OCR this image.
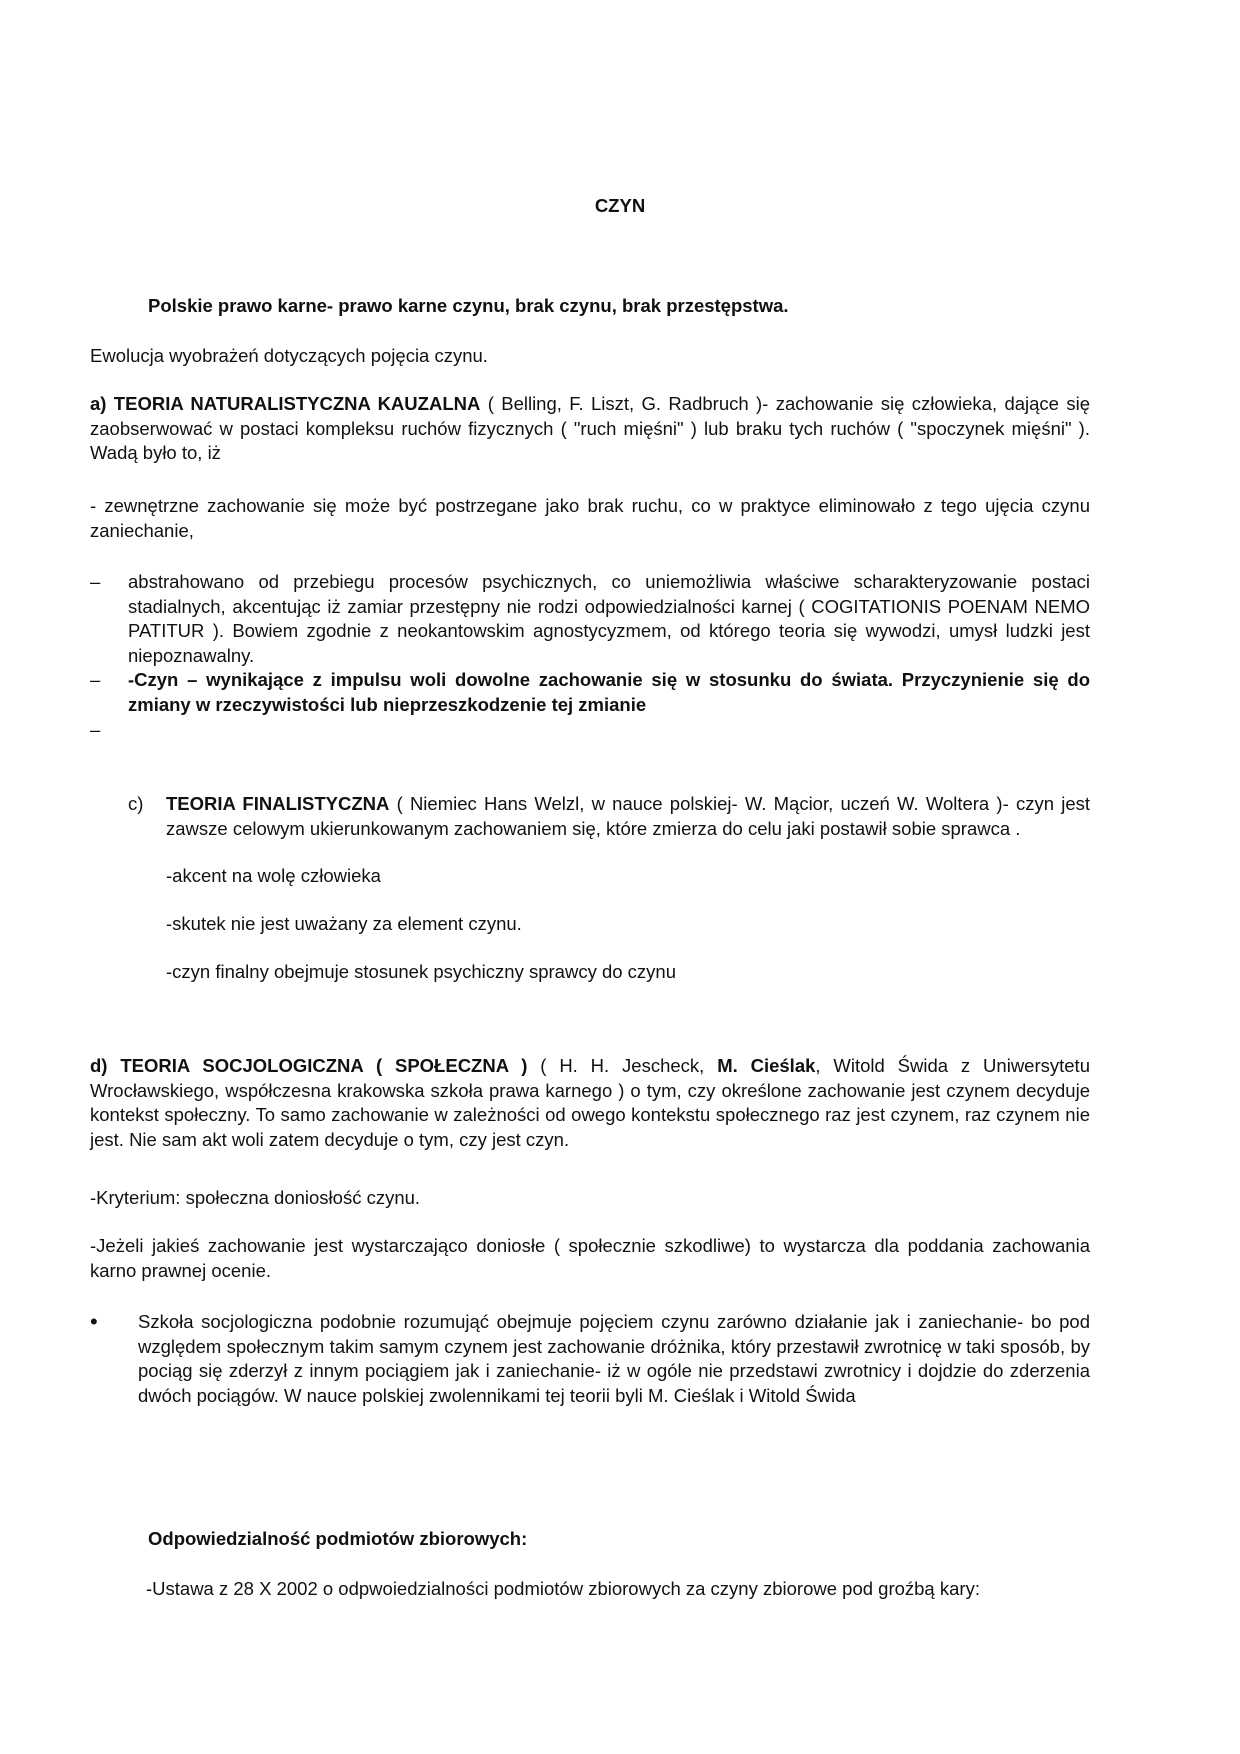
CZYN
Polskie prawo karne- prawo karne czynu, brak czynu, brak przestępstwa.
Ewolucja wyobrażeń dotyczących pojęcia czynu.
a) TEORIA NATURALISTYCZNA KAUZALNA ( Belling, F. Liszt, G. Radbruch )- zachowanie się człowieka, dające się zaobserwować w postaci kompleksu ruchów fizycznych ( "ruch mięśni" ) lub braku tych ruchów ( "spoczynek mięśni" ). Wadą było to, iż
- zewnętrzne zachowanie się może być postrzegane jako brak ruchu, co w praktyce eliminowało z tego ujęcia czynu zaniechanie,
– abstrahowano od przebiegu procesów psychicznych, co uniemożliwia właściwe scharakteryzowanie postaci stadialnych, akcentując iż zamiar przestępny nie rodzi odpowiedzialności karnej ( COGITATIONIS POENAM NEMO PATITUR ). Bowiem zgodnie z neokantowskim agnostycyzmem, od którego teoria się wywodzi, umysł ludzki jest niepoznawalny.
– -Czyn – wynikające z impulsu woli dowolne zachowanie się w stosunku do świata. Przyczynienie się do zmiany w rzeczywistości lub nieprzeszkodzenie tej zmianie
–
c) TEORIA FINALISTYCZNA ( Niemiec Hans Welzl, w nauce polskiej- W. Mącior, uczeń W. Woltera )- czyn jest zawsze celowym ukierunkowanym zachowaniem się, które zmierza do celu jaki postawił sobie sprawca .
-akcent na wolę człowieka
-skutek nie jest uważany za element czynu.
-czyn finalny obejmuje stosunek psychiczny sprawcy do czynu
d) TEORIA SOCJOLOGICZNA ( SPOŁECZNA ) ( H. H. Jescheck, M. Cieślak, Witold Świda z Uniwersytetu Wrocławskiego, współczesna krakowska szkoła prawa karnego ) o tym, czy określone zachowanie jest czynem decyduje kontekst społeczny. To samo zachowanie w zależności od owego kontekstu społecznego raz jest czynem, raz czynem nie jest. Nie sam akt woli zatem decyduje o tym, czy jest czyn.
-Kryterium: społeczna doniosłość czynu.
-Jeżeli jakieś zachowanie jest wystarczająco doniosłe ( społecznie szkodliwe) to wystarcza dla poddania zachowania karno prawnej ocenie.
• Szkoła socjologiczna podobnie rozumująć obejmuje pojęciem czynu zarówno działanie jak i zaniechanie- bo pod względem społecznym takim samym czynem jest zachowanie dróżnika, który przestawił zwrotnicę w taki sposób, by pociąg się zderzył z innym pociągiem jak i zaniechanie- iż w ogóle nie przedstawi zwrotnicy i dojdzie do zderzenia dwóch pociągów. W nauce polskiej zwolennikami tej teorii byli M. Cieślak i Witold Świda
Odpowiedzialność podmiotów zbiorowych:
-Ustawa z 28 X 2002 o odpwoiedzialności podmiotów zbiorowych za czyny zbiorowe pod groźbą kary:
